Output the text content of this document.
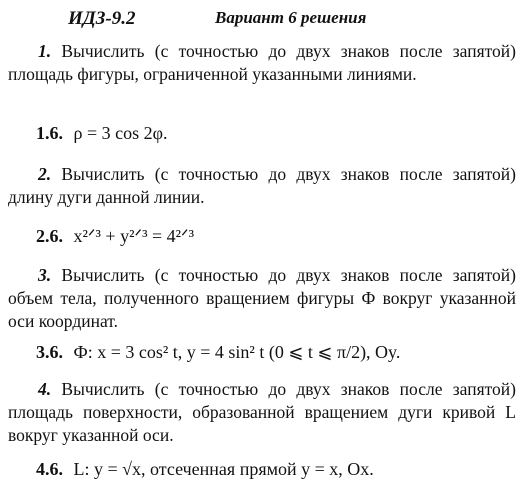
ИДЗ-9.2	Вариант 6 решения

1. Вычислить (с точностью до двух знаков после запятой) площадь фигуры, ограниченной указанными линиями.

1.6. ρ = 3 cos 2φ.

2. Вычислить (с точностью до двух знаков после запятой) длину дуги данной линии.

2.6. x²ᐟ³ + y²ᐟ³ = 4²ᐟ³

3. Вычислить (с точностью до двух знаков после запятой) объем тела, полученного вращением фигуры Ф вокруг указанной оси координат.

3.6. Ф: x = 3 cos² t, y = 4 sin² t (0 ⩽ t ⩽ π/2), Oy.

4. Вычислить (с точностью до двух знаков после запятой) площадь поверхности, образованной вращением дуги кривой L вокруг указанной оси.

4.6. L: y = √x, отсеченная прямой y = x, Ox.
